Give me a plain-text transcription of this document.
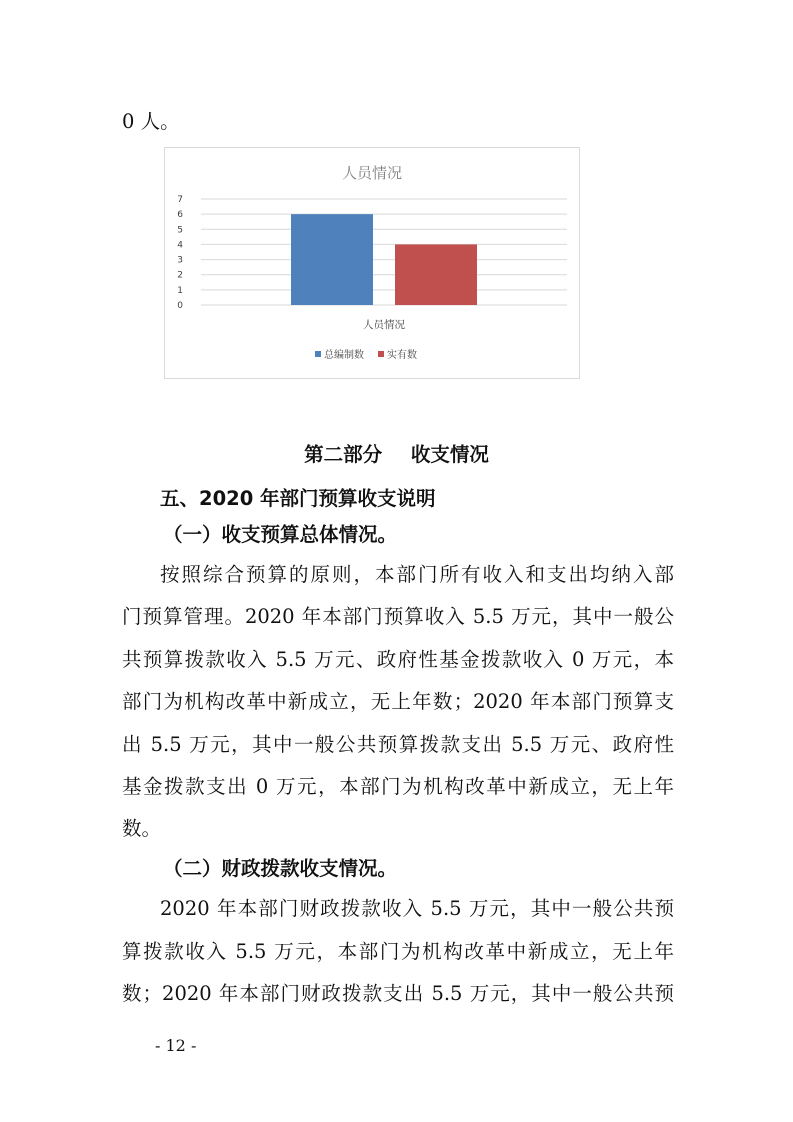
0 人。
人员情况
0
1
2
3
4
5
6
7
人员情况
总编制数 实有数
第二部分 收支情况
五、2020 年部门预算收支说明
（一）收支预算总体情况。
按照综合预算的原则，本部门所有收入和支出均纳入部
门预算管理。2020 年本部门预算收入 5.5 万元，其中一般公
共预算拨款收入 5.5 万元、政府性基金拨款收入 0 万元，本
部门为机构改革中新成立，无上年数；2020 年本部门预算支
出 5.5 万元，其中一般公共预算拨款支出 5.5 万元、政府性
基金拨款支出 0 万元，本部门为机构改革中新成立，无上年
数。
（二）财政拨款收支情况。
2020 年本部门财政拨款收入 5.5 万元，其中一般公共预
算拨款收入 5.5 万元，本部门为机构改革中新成立，无上年
数；2020 年本部门财政拨款支出 5.5 万元，其中一般公共预
- 12 -
